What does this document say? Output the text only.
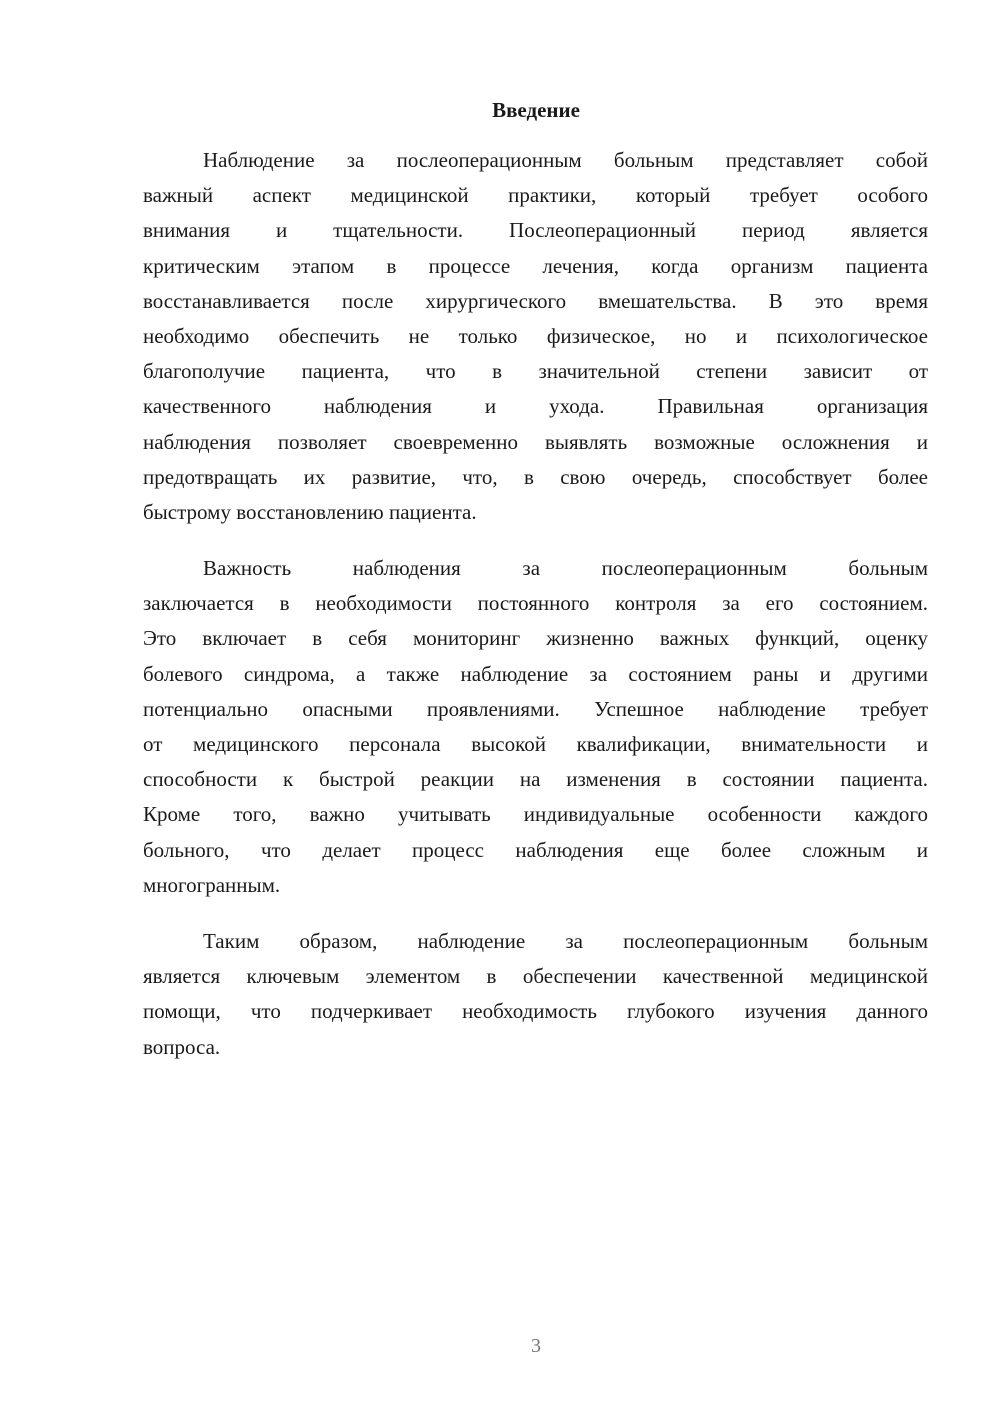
Введение
Наблюдение за послеоперационным больным представляет собой
важный аспект медицинской практики, который требует особого
внимания и тщательности. Послеоперационный период является
критическим этапом в процессе лечения, когда организм пациента
восстанавливается после хирургического вмешательства. В это время
необходимо обеспечить не только физическое, но и психологическое
благополучие пациента, что в значительной степени зависит от
качественного наблюдения и ухода. Правильная организация
наблюдения позволяет своевременно выявлять возможные осложнения и
предотвращать их развитие, что, в свою очередь, способствует более
быстрому восстановлению пациента.
Важность наблюдения за послеоперационным больным
заключается в необходимости постоянного контроля за его состоянием.
Это включает в себя мониторинг жизненно важных функций, оценку
болевого синдрома, а также наблюдение за состоянием раны и другими
потенциально опасными проявлениями. Успешное наблюдение требует
от медицинского персонала высокой квалификации, внимательности и
способности к быстрой реакции на изменения в состоянии пациента.
Кроме того, важно учитывать индивидуальные особенности каждого
больного, что делает процесс наблюдения еще более сложным и
многогранным.
Таким образом, наблюдение за послеоперационным больным
является ключевым элементом в обеспечении качественной медицинской
помощи, что подчеркивает необходимость глубокого изучения данного
вопроса.
3
